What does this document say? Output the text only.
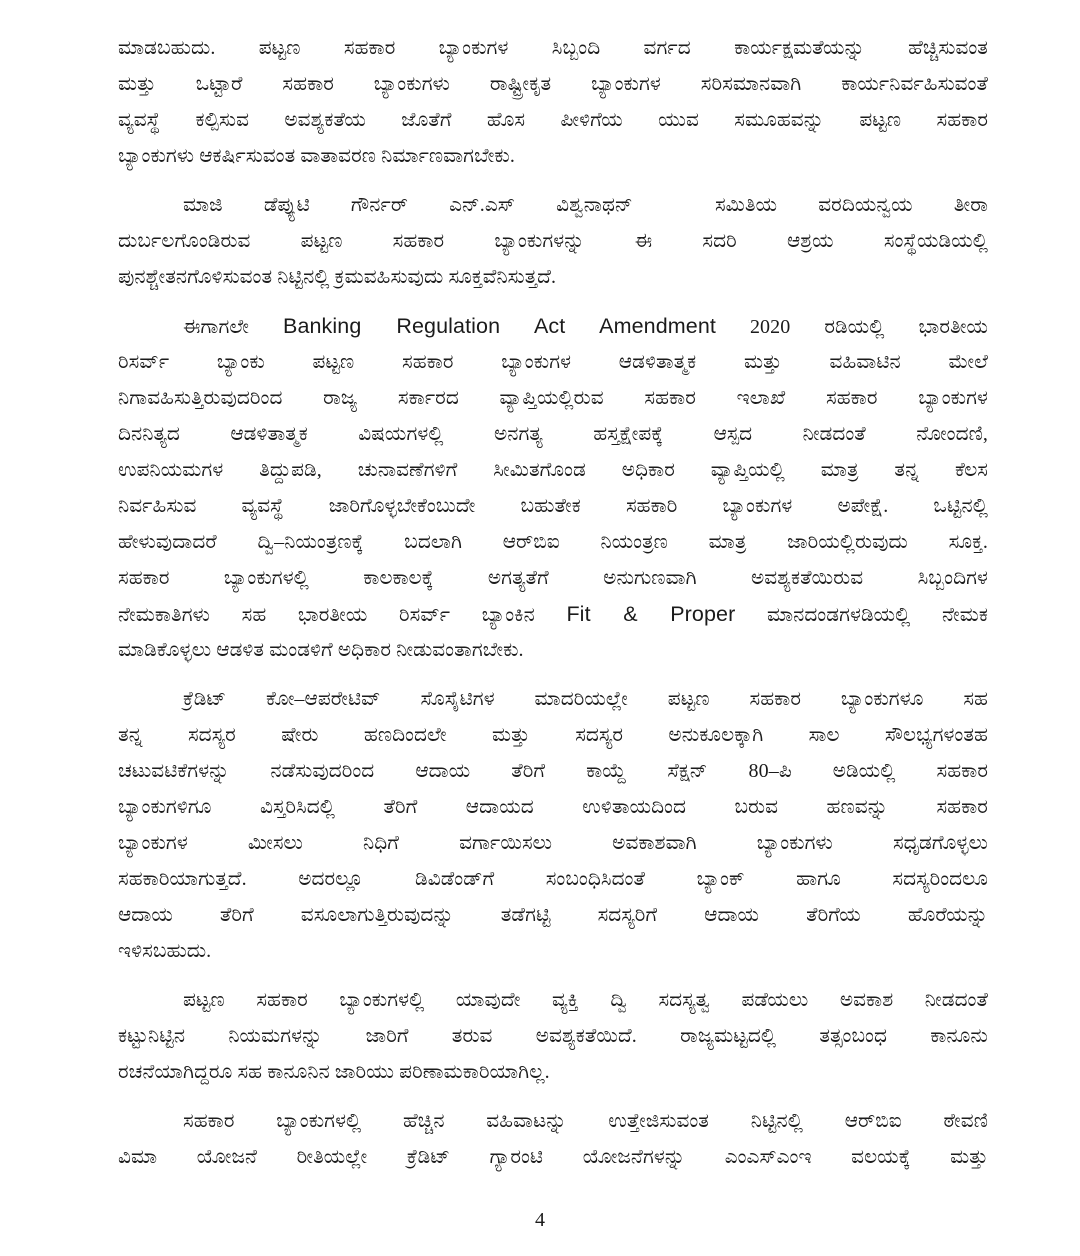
ಮಾಡಬಹುದು. ಪಟ್ಟಣ ಸಹಕಾರ ಬ್ಯಾಂಕುಗಳ ಸಿಬ್ಬಂದಿ ವರ್ಗದ ಕಾರ್ಯಕ್ಷಮತೆಯನ್ನು ಹೆಚ್ಚಿಸುವಂತ
ಮತ್ತು ಒಟ್ಟಾರೆ ಸಹಕಾರ ಬ್ಯಾಂಕುಗಳು ರಾಷ್ಟ್ರೀಕೃತ ಬ್ಯಾಂಕುಗಳ ಸರಿಸಮಾನವಾಗಿ ಕಾರ್ಯನಿರ್ವಹಿಸುವಂತೆ
ವ್ಯವಸ್ಥೆ ಕಲ್ಪಿಸುವ ಅವಶ್ಯಕತೆಯ ಜೊತೆಗೆ ಹೊಸ ಪೀಳಿಗೆಯ ಯುವ ಸಮೂಹವನ್ನು ಪಟ್ಟಣ ಸಹಕಾರ
ಬ್ಯಾಂಕುಗಳು ಆಕರ್ಷಿಸುವಂತ ವಾತಾವರಣ ನಿರ್ಮಾಣವಾಗಬೇಕು.
ಮಾಜಿ ಡೆಪ್ಯುಟಿ ಗೌರ್ನರ್ ಎನ್.ಎಸ್ ವಿಶ್ವನಾಥನ್  ಸಮಿತಿಯ ವರದಿಯನ್ವಯ ತೀರಾ
ದುರ್ಬಲಗೊಂಡಿರುವ ಪಟ್ಟಣ ಸಹಕಾರ ಬ್ಯಾಂಕುಗಳನ್ನು ಈ ಸದರಿ ಆಶ್ರಯ ಸಂಸ್ಥೆಯಡಿಯಲ್ಲಿ
ಪುನಶ್ಚೇತನಗೊಳಿಸುವಂತ ನಿಟ್ಟಿನಲ್ಲಿ ಕ್ರಮವಹಿಸುವುದು ಸೂಕ್ತವೆನಿಸುತ್ತದೆ.
ಈಗಾಗಲೇ Banking Regulation Act Amendment 2020 ರಡಿಯಲ್ಲಿ ಭಾರತೀಯ
ರಿಸರ್ವ್ ಬ್ಯಾಂಕು ಪಟ್ಟಣ ಸಹಕಾರ ಬ್ಯಾಂಕುಗಳ ಆಡಳಿತಾತ್ಮಕ ಮತ್ತು ವಹಿವಾಟಿನ ಮೇಲೆ
ನಿಗಾವಹಿಸುತ್ತಿರುವುದರಿಂದ ರಾಜ್ಯ ಸರ್ಕಾರದ ವ್ಯಾಪ್ತಿಯಲ್ಲಿರುವ ಸಹಕಾರ ಇಲಾಖೆ ಸಹಕಾರ ಬ್ಯಾಂಕುಗಳ
ದಿನನಿತ್ಯದ ಆಡಳಿತಾತ್ಮಕ ವಿಷಯಗಳಲ್ಲಿ ಅನಗತ್ಯ ಹಸ್ತಕ್ಷೇಪಕ್ಕೆ ಆಸ್ಪದ ನೀಡದಂತೆ ನೋಂದಣಿ,
ಉಪನಿಯಮಗಳ ತಿದ್ದುಪಡಿ, ಚುನಾವಣೆಗಳಿಗೆ ಸೀಮಿತಗೊಂಡ ಅಧಿಕಾರ ವ್ಯಾಪ್ತಿಯಲ್ಲಿ ಮಾತ್ರ ತನ್ನ ಕೆಲಸ
ನಿರ್ವಹಿಸುವ ವ್ಯವಸ್ಥೆ ಜಾರಿಗೊಳ್ಳಬೇಕೆಂಬುದೇ ಬಹುತೇಕ ಸಹಕಾರಿ ಬ್ಯಾಂಕುಗಳ ಅಪೇಕ್ಷೆ. ಒಟ್ಟಿನಲ್ಲಿ
ಹೇಳುವುದಾದರೆ ದ್ವಿ–ನಿಯಂತ್ರಣಕ್ಕೆ ಬದಲಾಗಿ ಆರ್‌ಬಿಐ ನಿಯಂತ್ರಣ ಮಾತ್ರ ಜಾರಿಯಲ್ಲಿರುವುದು ಸೂಕ್ತ.
ಸಹಕಾರ ಬ್ಯಾಂಕುಗಳಲ್ಲಿ ಕಾಲಕಾಲಕ್ಕೆ ಅಗತ್ಯತೆಗೆ ಅನುಗುಣವಾಗಿ ಅವಶ್ಯಕತೆಯಿರುವ ಸಿಬ್ಬಂದಿಗಳ
ನೇಮಕಾತಿಗಳು ಸಹ ಭಾರತೀಯ ರಿಸರ್ವ್ ಬ್ಯಾಂಕಿನ Fit & Proper ಮಾನದಂಡಗಳಡಿಯಲ್ಲಿ ನೇಮಕ
ಮಾಡಿಕೊಳ್ಳಲು ಆಡಳಿತ ಮಂಡಳಿಗೆ ಅಧಿಕಾರ ನೀಡುವಂತಾಗಬೇಕು.
ಕ್ರೆಡಿಟ್ ಕೋ–ಆಪರೇಟಿವ್ ಸೊಸೈಟಿಗಳ ಮಾದರಿಯಲ್ಲೇ ಪಟ್ಟಣ ಸಹಕಾರ ಬ್ಯಾಂಕುಗಳೂ ಸಹ
ತನ್ನ ಸದಸ್ಯರ ಷೇರು ಹಣದಿಂದಲೇ ಮತ್ತು ಸದಸ್ಯರ ಅನುಕೂಲಕ್ಕಾಗಿ ಸಾಲ ಸೌಲಭ್ಯಗಳಂತಹ
ಚಟುವಟಿಕೆಗಳನ್ನು ನಡೆಸುವುದರಿಂದ ಆದಾಯ ತೆರಿಗೆ ಕಾಯ್ದೆ ಸೆಕ್ಷನ್ 80–ಪಿ ಅಡಿಯಲ್ಲಿ ಸಹಕಾರ
ಬ್ಯಾಂಕುಗಳಿಗೂ ವಿಸ್ತರಿಸಿದಲ್ಲಿ ತೆರಿಗೆ ಆದಾಯದ ಉಳಿತಾಯದಿಂದ ಬರುವ ಹಣವನ್ನು ಸಹಕಾರ
ಬ್ಯಾಂಕುಗಳ ಮೀಸಲು ನಿಧಿಗೆ ವರ್ಗಾಯಿಸಲು ಅವಕಾಶವಾಗಿ ಬ್ಯಾಂಕುಗಳು ಸಧೃಡಗೊಳ್ಳಲು
ಸಹಕಾರಿಯಾಗುತ್ತದೆ. ಅದರಲ್ಲೂ ಡಿವಿಡೆಂಡ್‌ಗೆ ಸಂಬಂಧಿಸಿದಂತೆ ಬ್ಯಾಂಕ್ ಹಾಗೂ ಸದಸ್ಯರಿಂದಲೂ
ಆದಾಯ ತೆರಿಗೆ ವಸೂಲಾಗುತ್ತಿರುವುದನ್ನು ತಡೆಗಟ್ಟಿ ಸದಸ್ಯರಿಗೆ ಆದಾಯ ತೆರಿಗೆಯ ಹೊರೆಯನ್ನು
ಇಳಿಸಬಹುದು.
ಪಟ್ಟಣ ಸಹಕಾರ ಬ್ಯಾಂಕುಗಳಲ್ಲಿ ಯಾವುದೇ ವ್ಯಕ್ತಿ ದ್ವಿ ಸದಸ್ಯತ್ವ ಪಡೆಯಲು ಅವಕಾಶ ನೀಡದಂತೆ
ಕಟ್ಟುನಿಟ್ಟಿನ ನಿಯಮಗಳನ್ನು ಜಾರಿಗೆ ತರುವ ಅವಶ್ಯಕತೆಯಿದೆ. ರಾಜ್ಯಮಟ್ಟದಲ್ಲಿ ತತ್ಸಂಬಂಧ ಕಾನೂನು
ರಚನೆಯಾಗಿದ್ದರೂ ಸಹ ಕಾನೂನಿನ ಜಾರಿಯು ಪರಿಣಾಮಕಾರಿಯಾಗಿಲ್ಲ.
ಸಹಕಾರ ಬ್ಯಾಂಕುಗಳಲ್ಲಿ ಹೆಚ್ಚಿನ ವಹಿವಾಟನ್ನು ಉತ್ತೇಜಿಸುವಂತ ನಿಟ್ಟಿನಲ್ಲಿ ಆರ್‌ಬಿಐ ಠೇವಣಿ
ವಿಮಾ ಯೋಜನೆ ರೀತಿಯಲ್ಲೇ ಕ್ರೆಡಿಟ್ ಗ್ಯಾರಂಟಿ ಯೋಜನೆಗಳನ್ನು ಎಂಎಸ್‌ಎಂಇ ವಲಯಕ್ಕೆ ಮತ್ತು
4
